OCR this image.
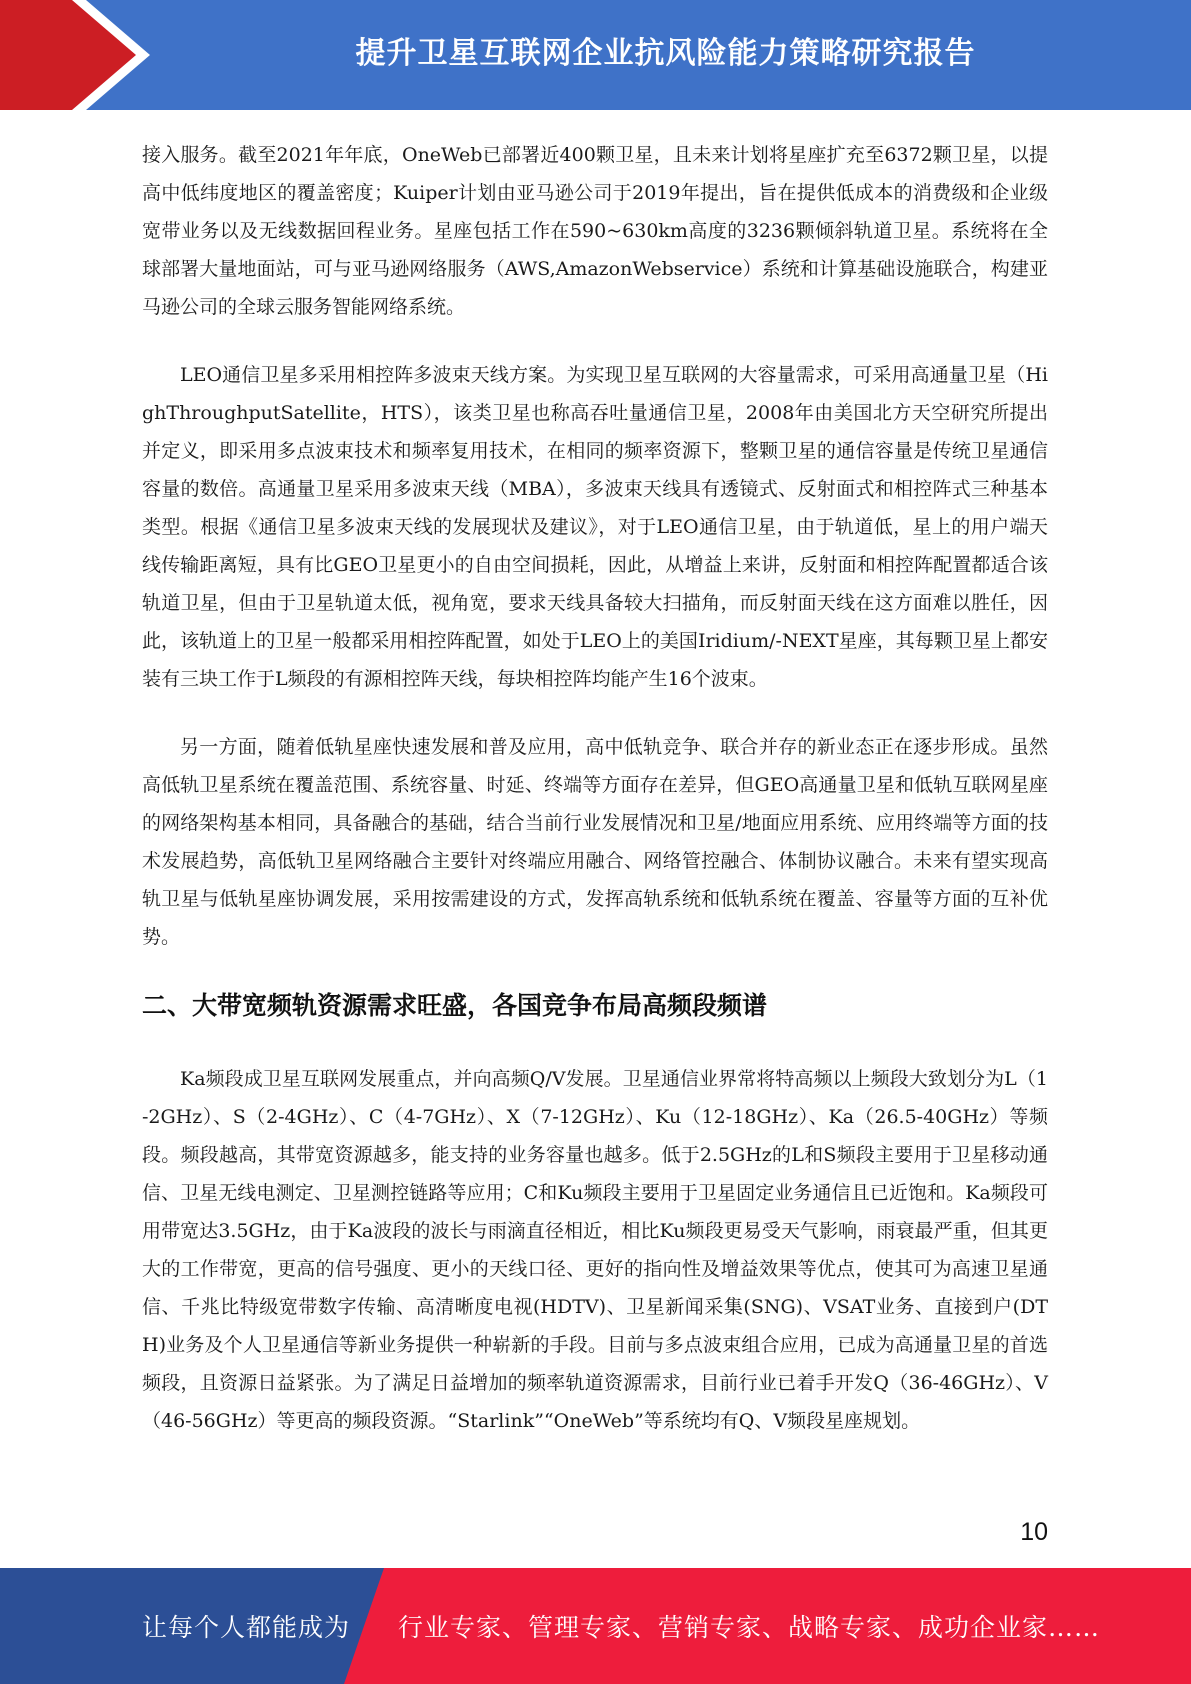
提升卫星互联网企业抗风险能力策略研究报告

接入服务。截至2021年年底，OneWeb已部署近400颗卫星，且未来计划将星座扩充至6372颗卫星，以提高中低纬度地区的覆盖密度；Kuiper计划由亚马逊公司于2019年提出，旨在提供低成本的消费级和企业级宽带业务以及无线数据回程业务。星座包括工作在590~630km高度的3236颗倾斜轨道卫星。系统将在全球部署大量地面站，可与亚马逊网络服务（AWS,AmazonWebservice）系统和计算基础设施联合，构建亚马逊公司的全球云服务智能网络系统。

LEO通信卫星多采用相控阵多波束天线方案。为实现卫星互联网的大容量需求，可采用高通量卫星（HighThroughputSatellite，HTS），该类卫星也称高吞吐量通信卫星，2008年由美国北方天空研究所提出并定义，即采用多点波束技术和频率复用技术，在相同的频率资源下，整颗卫星的通信容量是传统卫星通信容量的数倍。高通量卫星采用多波束天线（MBA），多波束天线具有透镜式、反射面式和相控阵式三种基本类型。根据《通信卫星多波束天线的发展现状及建议》，对于LEO通信卫星，由于轨道低，星上的用户端天线传输距离短，具有比GEO卫星更小的自由空间损耗，因此，从增益上来讲，反射面和相控阵配置都适合该轨道卫星，但由于卫星轨道太低，视角宽，要求天线具备较大扫描角，而反射面天线在这方面难以胜任，因此，该轨道上的卫星一般都采用相控阵配置，如处于LEO上的美国Iridium/-NEXT星座，其每颗卫星上都安装有三块工作于L频段的有源相控阵天线，每块相控阵均能产生16个波束。

另一方面，随着低轨星座快速发展和普及应用，高中低轨竞争、联合并存的新业态正在逐步形成。虽然高低轨卫星系统在覆盖范围、系统容量、时延、终端等方面存在差异，但GEO高通量卫星和低轨互联网星座的网络架构基本相同，具备融合的基础，结合当前行业发展情况和卫星/地面应用系统、应用终端等方面的技术发展趋势，高低轨卫星网络融合主要针对终端应用融合、网络管控融合、体制协议融合。未来有望实现高轨卫星与低轨星座协调发展，采用按需建设的方式，发挥高轨系统和低轨系统在覆盖、容量等方面的互补优势。

二、大带宽频轨资源需求旺盛，各国竞争布局高频段频谱

Ka频段成卫星互联网发展重点，并向高频Q/V发展。卫星通信业界常将特高频以上频段大致划分为L（1-2GHz）、S（2-4GHz）、C（4-7GHz）、X（7-12GHz）、Ku（12-18GHz）、Ka（26.5-40GHz）等频段。频段越高，其带宽资源越多，能支持的业务容量也越多。低于2.5GHz的L和S频段主要用于卫星移动通信、卫星无线电测定、卫星测控链路等应用；C和Ku频段主要用于卫星固定业务通信且已近饱和。Ka频段可用带宽达3.5GHz，由于Ka波段的波长与雨滴直径相近，相比Ku频段更易受天气影响，雨衰最严重，但其更大的工作带宽，更高的信号强度、更小的天线口径、更好的指向性及增益效果等优点，使其可为高速卫星通信、千兆比特级宽带数字传输、高清晰度电视(HDTV)、卫星新闻采集(SNG)、VSAT业务、直接到户(DTH)业务及个人卫星通信等新业务提供一种崭新的手段。目前与多点波束组合应用，已成为高通量卫星的首选频段，且资源日益紧张。为了满足日益增加的频率轨道资源需求，目前行业已着手开发Q（36-46GHz）、V（46-56GHz）等更高的频段资源。“Starlink”“OneWeb”等系统均有Q、V频段星座规划。

10
让每个人都能成为 行业专家、管理专家、营销专家、战略专家、成功企业家……
